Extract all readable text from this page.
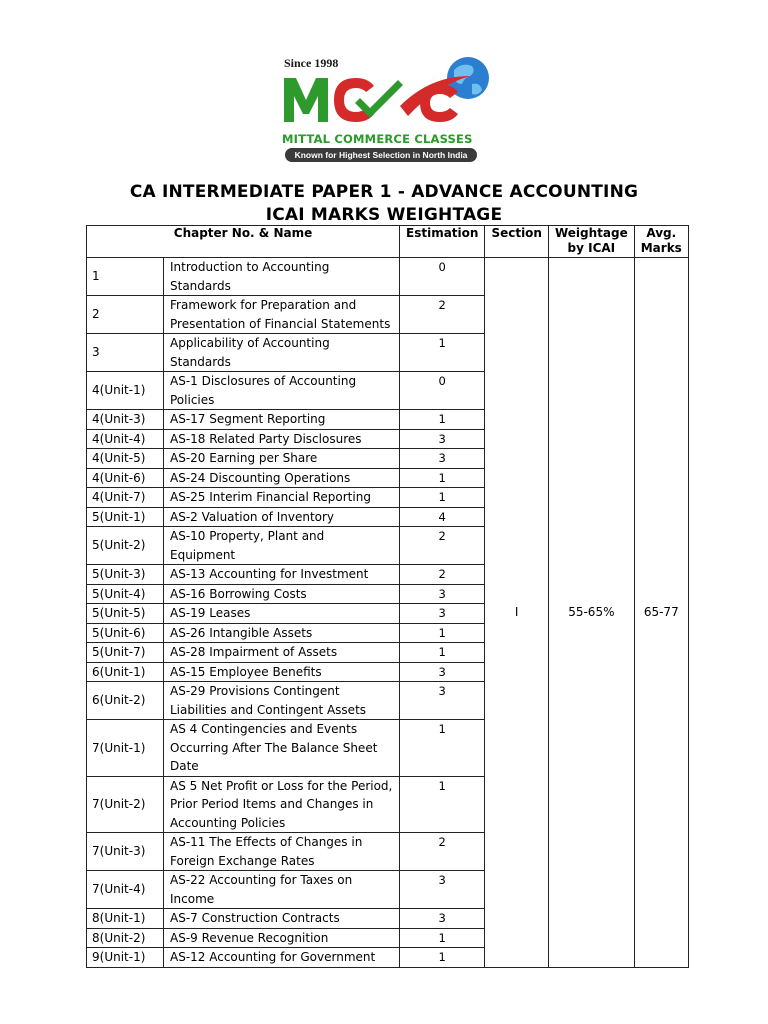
Since 1998
MITTAL COMMERCE CLASSES
Known for Highest Selection in North India
CA INTERMEDIATE PAPER 1 - ADVANCE ACCOUNTING
ICAI MARKS WEIGHTAGE
Chapter No. & Name		Estimation	Section	Weightage by ICAI	Avg. Marks
1	Introduction to Accounting Standards	0	I	55-65%	65-77
2	Framework for Preparation and Presentation of Financial Statements	2			
3	Applicability of Accounting Standards	1			
4(Unit-1)	AS-1 Disclosures of Accounting Policies	0			
4(Unit-3)	AS-17 Segment Reporting	1			
4(Unit-4)	AS-18 Related Party Disclosures	3			
4(Unit-5)	AS-20 Earning per Share	3			
4(Unit-6)	AS-24 Discounting Operations	1			
4(Unit-7)	AS-25 Interim Financial Reporting	1			
5(Unit-1)	AS-2 Valuation of Inventory	4			
5(Unit-2)	AS-10 Property, Plant and Equipment	2			
5(Unit-3)	AS-13 Accounting for Investment	2			
5(Unit-4)	AS-16 Borrowing Costs	3			
5(Unit-5)	AS-19 Leases	3			
5(Unit-6)	AS-26 Intangible Assets	1			
5(Unit-7)	AS-28 Impairment of Assets	1			
6(Unit-1)	AS-15 Employee Benefits	3			
6(Unit-2)	AS-29 Provisions Contingent Liabilities and Contingent Assets	3			
7(Unit-1)	AS 4 Contingencies and Events Occurring After The Balance Sheet Date	1			
7(Unit-2)	AS 5 Net Profit or Loss for the Period, Prior Period Items and Changes in Accounting Policies	1			
7(Unit-3)	AS-11 The Effects of Changes in Foreign Exchange Rates	2			
7(Unit-4)	AS-22 Accounting for Taxes on Income	3			
8(Unit-1)	AS-7 Construction Contracts	3			
8(Unit-2)	AS-9 Revenue Recognition	1			
9(Unit-1)	AS-12 Accounting for Government	1			
